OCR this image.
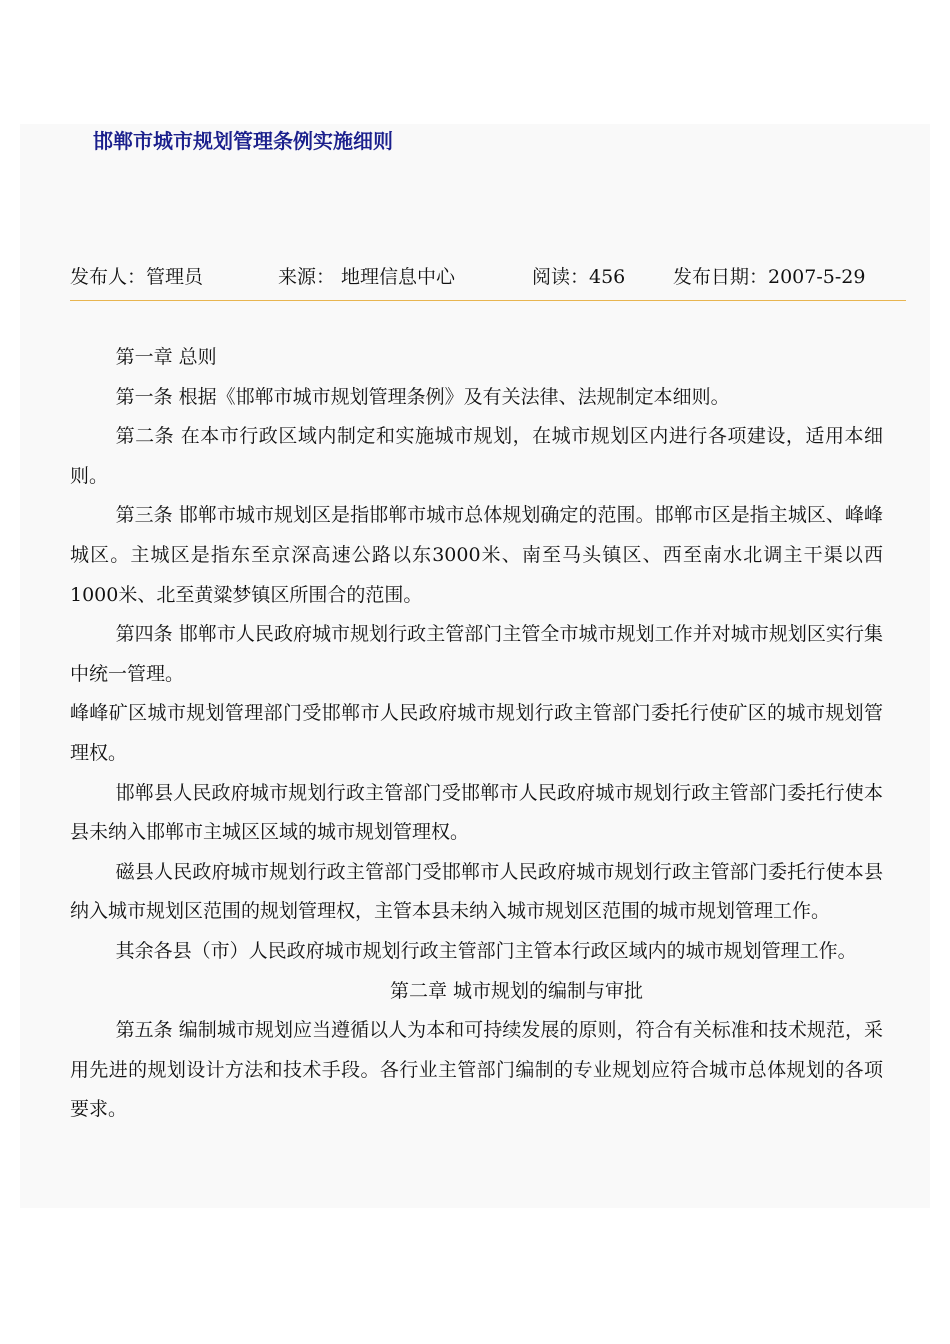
邯郸市城市规划管理条例实施细则
发布人：管理员	来源： 地理信息中心	阅读：456	发布日期：2007-5-29

第一章 总则

第一条 根据《邯郸市城市规划管理条例》及有关法律、法规制定本细则。

第二条 在本市行政区域内制定和实施城市规划，在城市规划区内进行各项建设，适用本细则。

第三条 邯郸市城市规划区是指邯郸市城市总体规划确定的范围。邯郸市区是指主城区、峰峰城区。主城区是指东至京深高速公路以东3000米、南至马头镇区、西至南水北调主干渠以西1000米、北至黄粱梦镇区所围合的范围。

第四条 邯郸市人民政府城市规划行政主管部门主管全市城市规划工作并对城市规划区实行集中统一管理。

峰峰矿区城市规划管理部门受邯郸市人民政府城市规划行政主管部门委托行使矿区的城市规划管理权。

邯郸县人民政府城市规划行政主管部门受邯郸市人民政府城市规划行政主管部门委托行使本县未纳入邯郸市主城区区域的城市规划管理权。

磁县人民政府城市规划行政主管部门受邯郸市人民政府城市规划行政主管部门委托行使本县纳入城市规划区范围的规划管理权，主管本县未纳入城市规划区范围的城市规划管理工作。

其余各县（市）人民政府城市规划行政主管部门主管本行政区域内的城市规划管理工作。

第二章 城市规划的编制与审批

第五条 编制城市规划应当遵循以人为本和可持续发展的原则，符合有关标准和技术规范，采用先进的规划设计方法和技术手段。各行业主管部门编制的专业规划应符合城市总体规划的各项要求。
